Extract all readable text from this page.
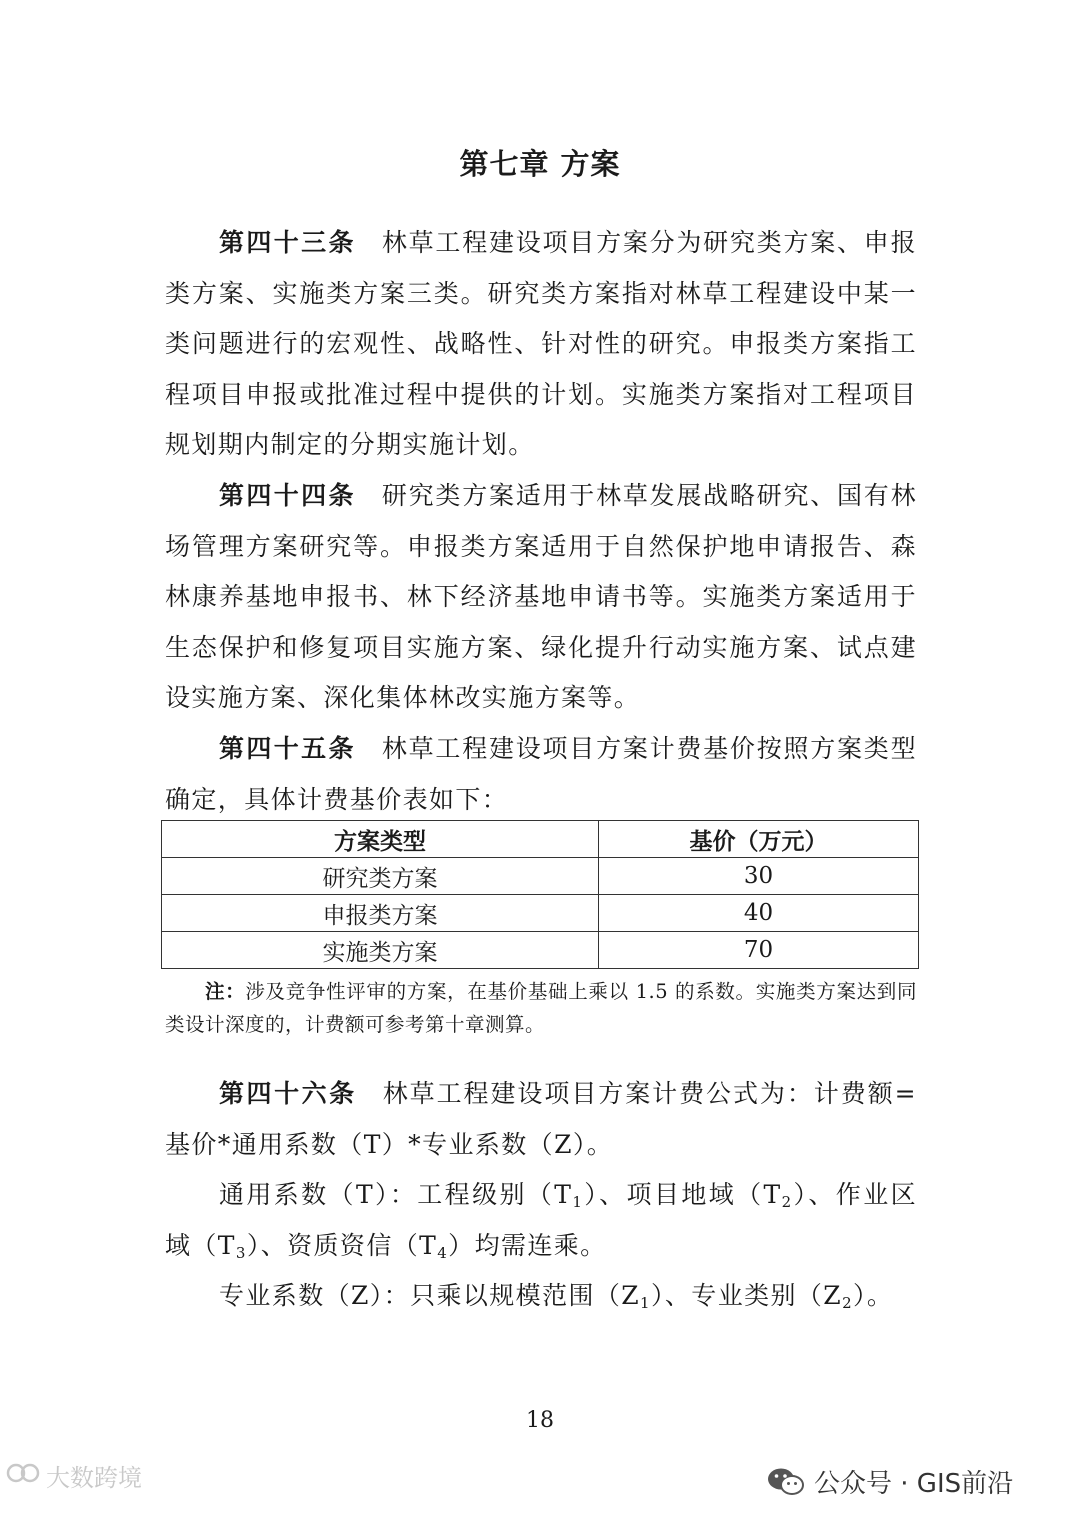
第七章 方案

第四十三条 林草工程建设项目方案分为研究类方案、申报类方案、实施类方案三类。研究类方案指对林草工程建设中某一类问题进行的宏观性、战略性、针对性的研究。申报类方案指工程项目申报或批准过程中提供的计划。实施类方案指对工程项目规划期内制定的分期实施计划。

第四十四条 研究类方案适用于林草发展战略研究、国有林场管理方案研究等。申报类方案适用于自然保护地申请报告、森林康养基地申报书、林下经济基地申请书等。实施类方案适用于生态保护和修复项目实施方案、绿化提升行动实施方案、试点建设实施方案、深化集体林改实施方案等。

第四十五条 林草工程建设项目方案计费基价按照方案类型确定，具体计费基价表如下：

方案类型	基价（万元）
研究类方案	30
申报类方案	40
实施类方案	70

注：涉及竞争性评审的方案，在基价基础上乘以 1.5 的系数。实施类方案达到同类设计深度的，计费额可参考第十章测算。

第四十六条 林草工程建设项目方案计费公式为：计费额=基价*通用系数（T）*专业系数（Z）。

通用系数（T）：工程级别$(T_1)$、项目地域$(T_2)$、作业区域$(T_3)$、资质资信$(T_4)$均需连乘。

专业系数（Z）：只乘以规模范围$(Z_1)$、专业类别$(Z_2)$。

18
大数跨境	公众号 · GIS前沿
